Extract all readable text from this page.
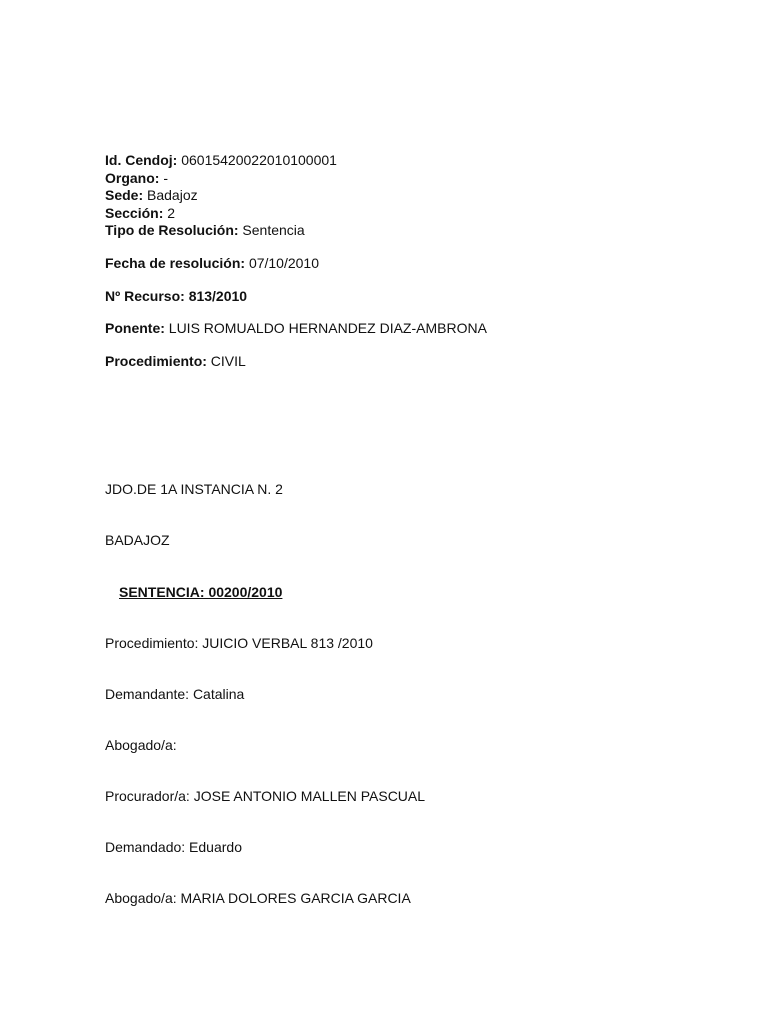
Id. Cendoj: 06015420022010100001
Organo: -
Sede: Badajoz
Sección: 2
Tipo de Resolución: Sentencia
Fecha de resolución: 07/10/2010
Nº Recurso: 813/2010
Ponente: LUIS ROMUALDO HERNANDEZ DIAZ-AMBRONA
Procedimiento: CIVIL
JDO.DE 1A INSTANCIA N. 2
BADAJOZ
SENTENCIA: 00200/2010
Procedimiento: JUICIO VERBAL 813 /2010
Demandante: Catalina
Abogado/a:
Procurador/a: JOSE ANTONIO MALLEN PASCUAL
Demandado: Eduardo
Abogado/a: MARIA DOLORES GARCIA GARCIA
